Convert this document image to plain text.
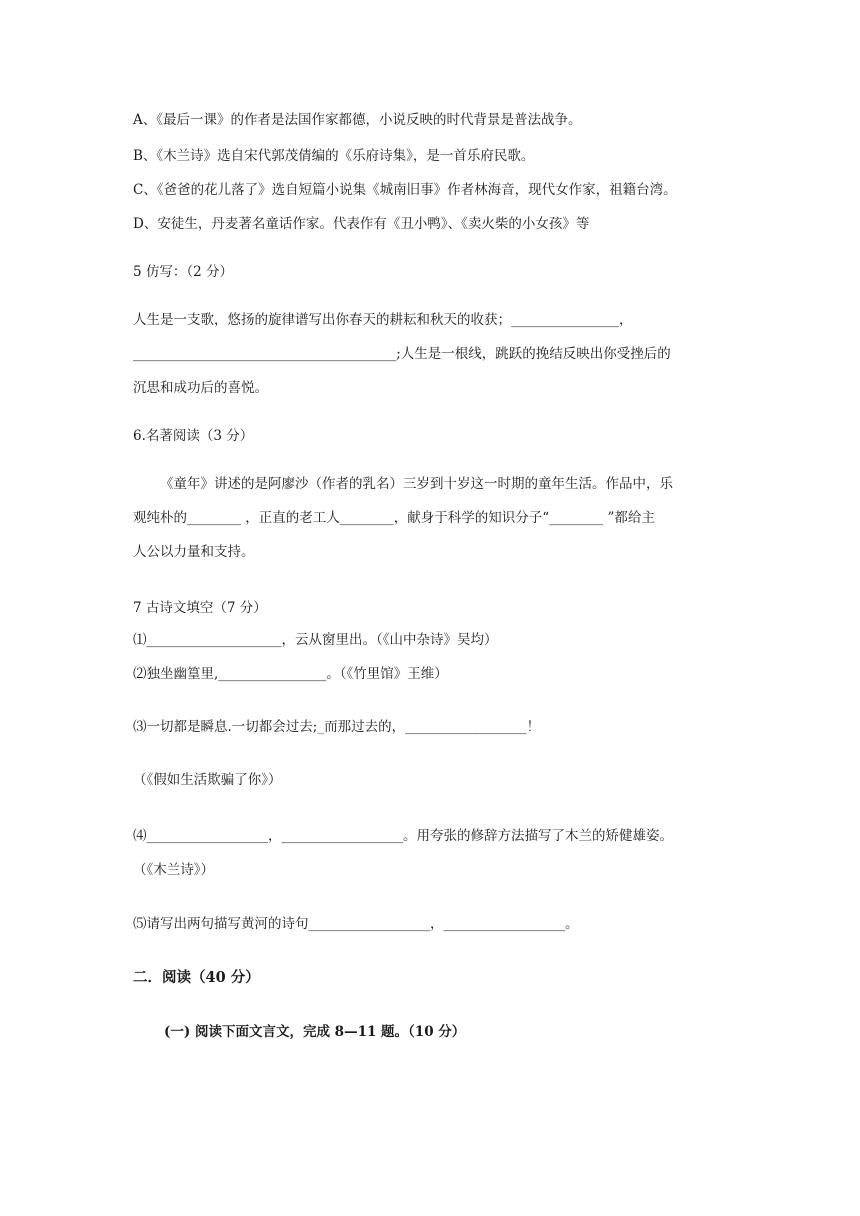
A、《最后一课》的作者是法国作家都德，小说反映的时代背景是普法战争。
B、《木兰诗》选自宋代郭茂倩编的《乐府诗集》，是一首乐府民歌。
C、《爸爸的花儿落了》选自短篇小说集《城南旧事》作者林海音，现代女作家，祖籍台湾。
D、安徒生，丹麦著名童话作家。代表作有《丑小鸭》、《卖火柴的小女孩》等
5 仿写：（2 分）
人生是一支歌，悠扬的旋律谱写出你春天的耕耘和秋天的收获；________________，
_______________________________________;人生是一根线，跳跃的挽结反映出你受挫后的
沉思和成功后的喜悦。
6.名著阅读（3 分）
《童年》讲述的是阿廖沙（作者的乳名）三岁到十岁这一时期的童年生活。作品中，乐
观纯朴的________ ，正直的老工人________，献身于科学的知识分子“________ ”都给主
人公以力量和支持。
7 古诗文填空（7 分）
⑴____________________，云从窗里出。（《山中杂诗》吴均）
⑵独坐幽篁里,________________。（《竹里馆》王维）
⑶一切都是瞬息.一切都会过去;_而那过去的，__________________！
（《假如生活欺骗了你》）
⑷__________________，__________________。用夸张的修辞方法描写了木兰的矫健雄姿。
（《木兰诗》）
⑸请写出两句描写黄河的诗句__________________，__________________。
二．阅读（40 分）
(一) 阅读下面文言文，完成 8—11 题。（10 分）
